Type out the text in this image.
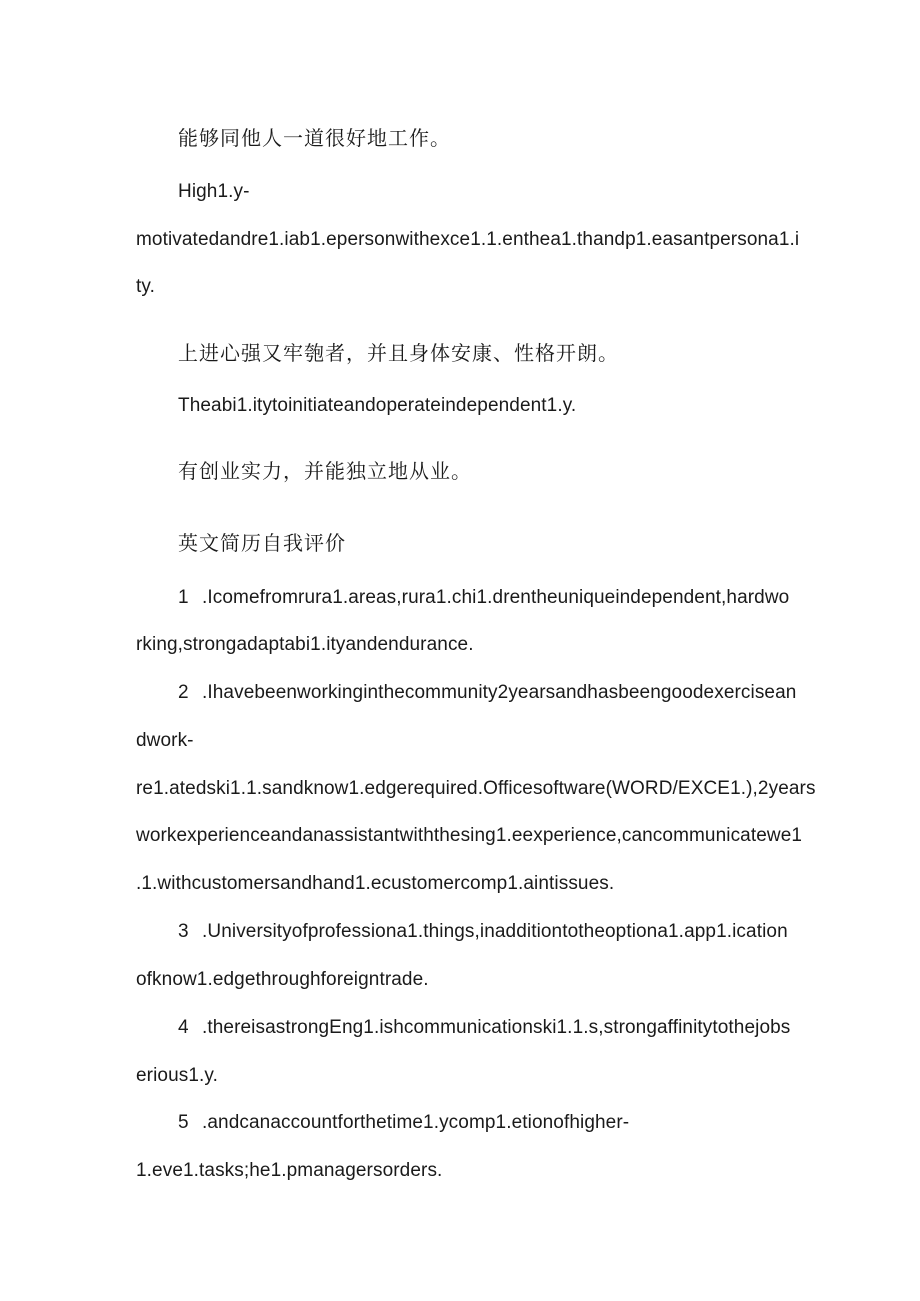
能够同他人一道很好地工作。
High1.y-
motivatedandre1.iab1.epersonwithexce1.1.enthea1.thandp1.easantpersona1.i
ty.
上进心强又牢匏者，并且身体安康、性格开朗。
Theabi1.itytoinitiateandoperateindependent1.y.
有创业实力，并能独立地从业。
英文简历自我评价
1 .Icomefromrura1.areas,rura1.chi1.drentheuniqueindependent,hardwo
rking,strongadaptabi1.ityandendurance.
2 .Ihavebeenworkinginthecommunity2yearsandhasbeengoodexercisean
dwork-
re1.atedski1.1.sandknow1.edgerequired.Officesoftware(WORD/EXCE1.),2years
workexperienceandanassistantwiththesing1.eexperience,cancommunicatewe1
.1.withcustomersandhand1.ecustomercomp1.aintissues.
3 .Universityofprofessiona1.things,inadditiontotheoptiona1.app1.ication
ofknow1.edgethroughforeigntrade.
4 .thereisastrongEng1.ishcommunicationski1.1.s,strongaffinitytothejobs
erious1.y.
5 .andcanaccountforthetime1.ycomp1.etionofhigher-
1.eve1.tasks;he1.pmanagersorders.
